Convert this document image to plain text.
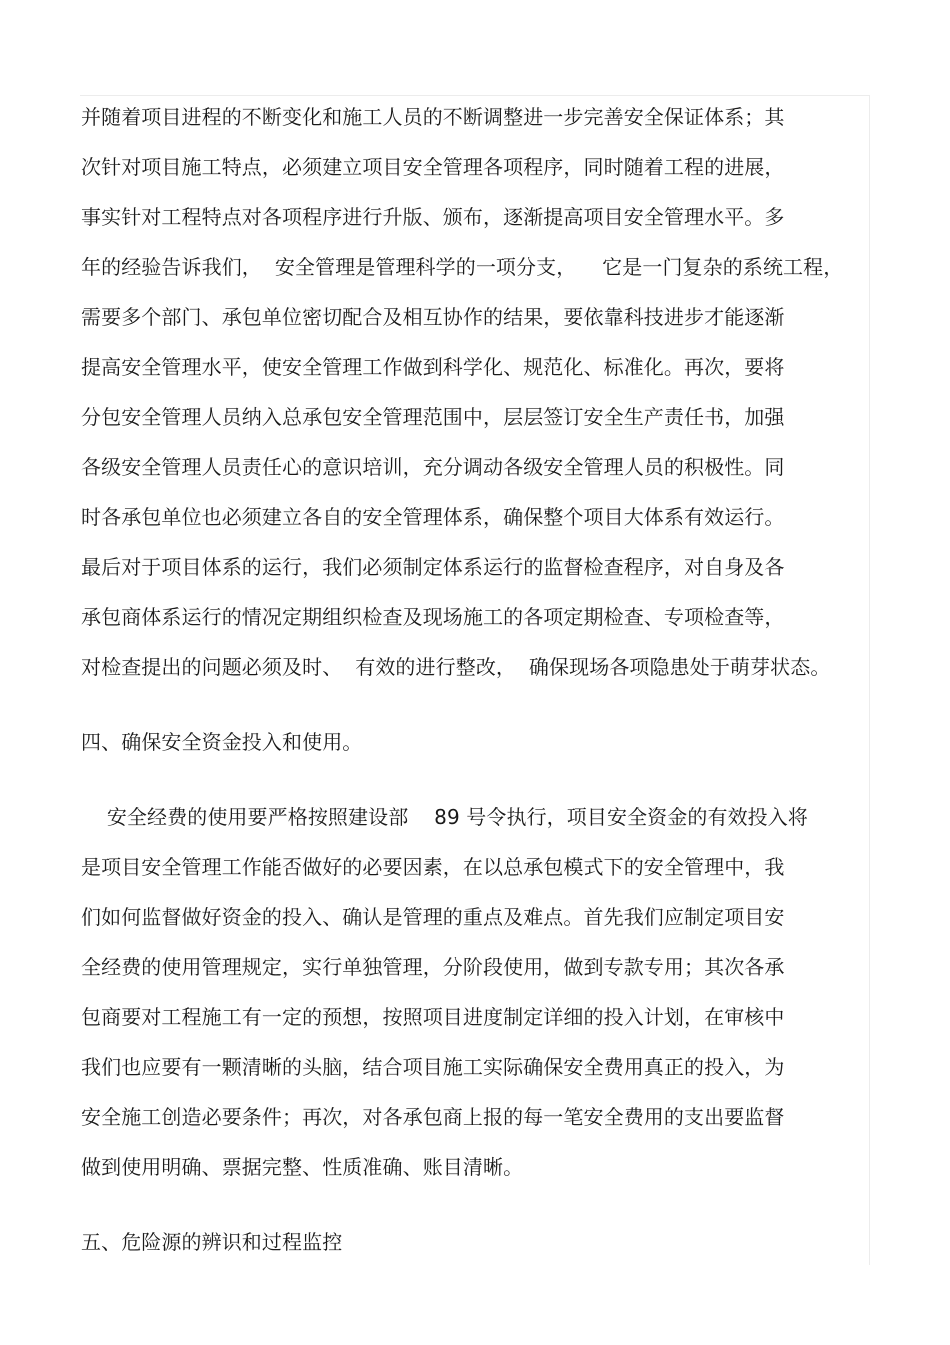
并随着项目进程的不断变化和施工人员的不断调整进一步完善安全保证体系；其
次针对项目施工特点，必须建立项目安全管理各项程序，同时随着工程的进展，
事实针对工程特点对各项程序进行升版、颁布，逐渐提高项目安全管理水平。多
年的经验告诉我们，  安全管理是管理科学的一项分支，    它是一门复杂的系统工程，
需要多个部门、承包单位密切配合及相互协作的结果，要依靠科技进步才能逐渐
提高安全管理水平，使安全管理工作做到科学化、规范化、标准化。再次，要将
分包安全管理人员纳入总承包安全管理范围中，层层签订安全生产责任书，加强
各级安全管理人员责任心的意识培训，充分调动各级安全管理人员的积极性。同
时各承包单位也必须建立各自的安全管理体系，确保整个项目大体系有效运行。
最后对于项目体系的运行，我们必须制定体系运行的监督检查程序，对自身及各
承包商体系运行的情况定期组织检查及现场施工的各项定期检查、专项检查等，
对检查提出的问题必须及时、  有效的进行整改，  确保现场各项隐患处于萌芽状态。
四、确保安全资金投入和使用。
安全经费的使用要严格按照建设部    89 号令执行，项目安全资金的有效投入将
是项目安全管理工作能否做好的必要因素，在以总承包模式下的安全管理中，我
们如何监督做好资金的投入、确认是管理的重点及难点。首先我们应制定项目安
全经费的使用管理规定，实行单独管理，分阶段使用，做到专款专用；其次各承
包商要对工程施工有一定的预想，按照项目进度制定详细的投入计划，在审核中
我们也应要有一颗清晰的头脑，结合项目施工实际确保安全费用真正的投入，为
安全施工创造必要条件；再次，对各承包商上报的每一笔安全费用的支出要监督
做到使用明确、票据完整、性质准确、账目清晰。
五、危险源的辨识和过程监控
